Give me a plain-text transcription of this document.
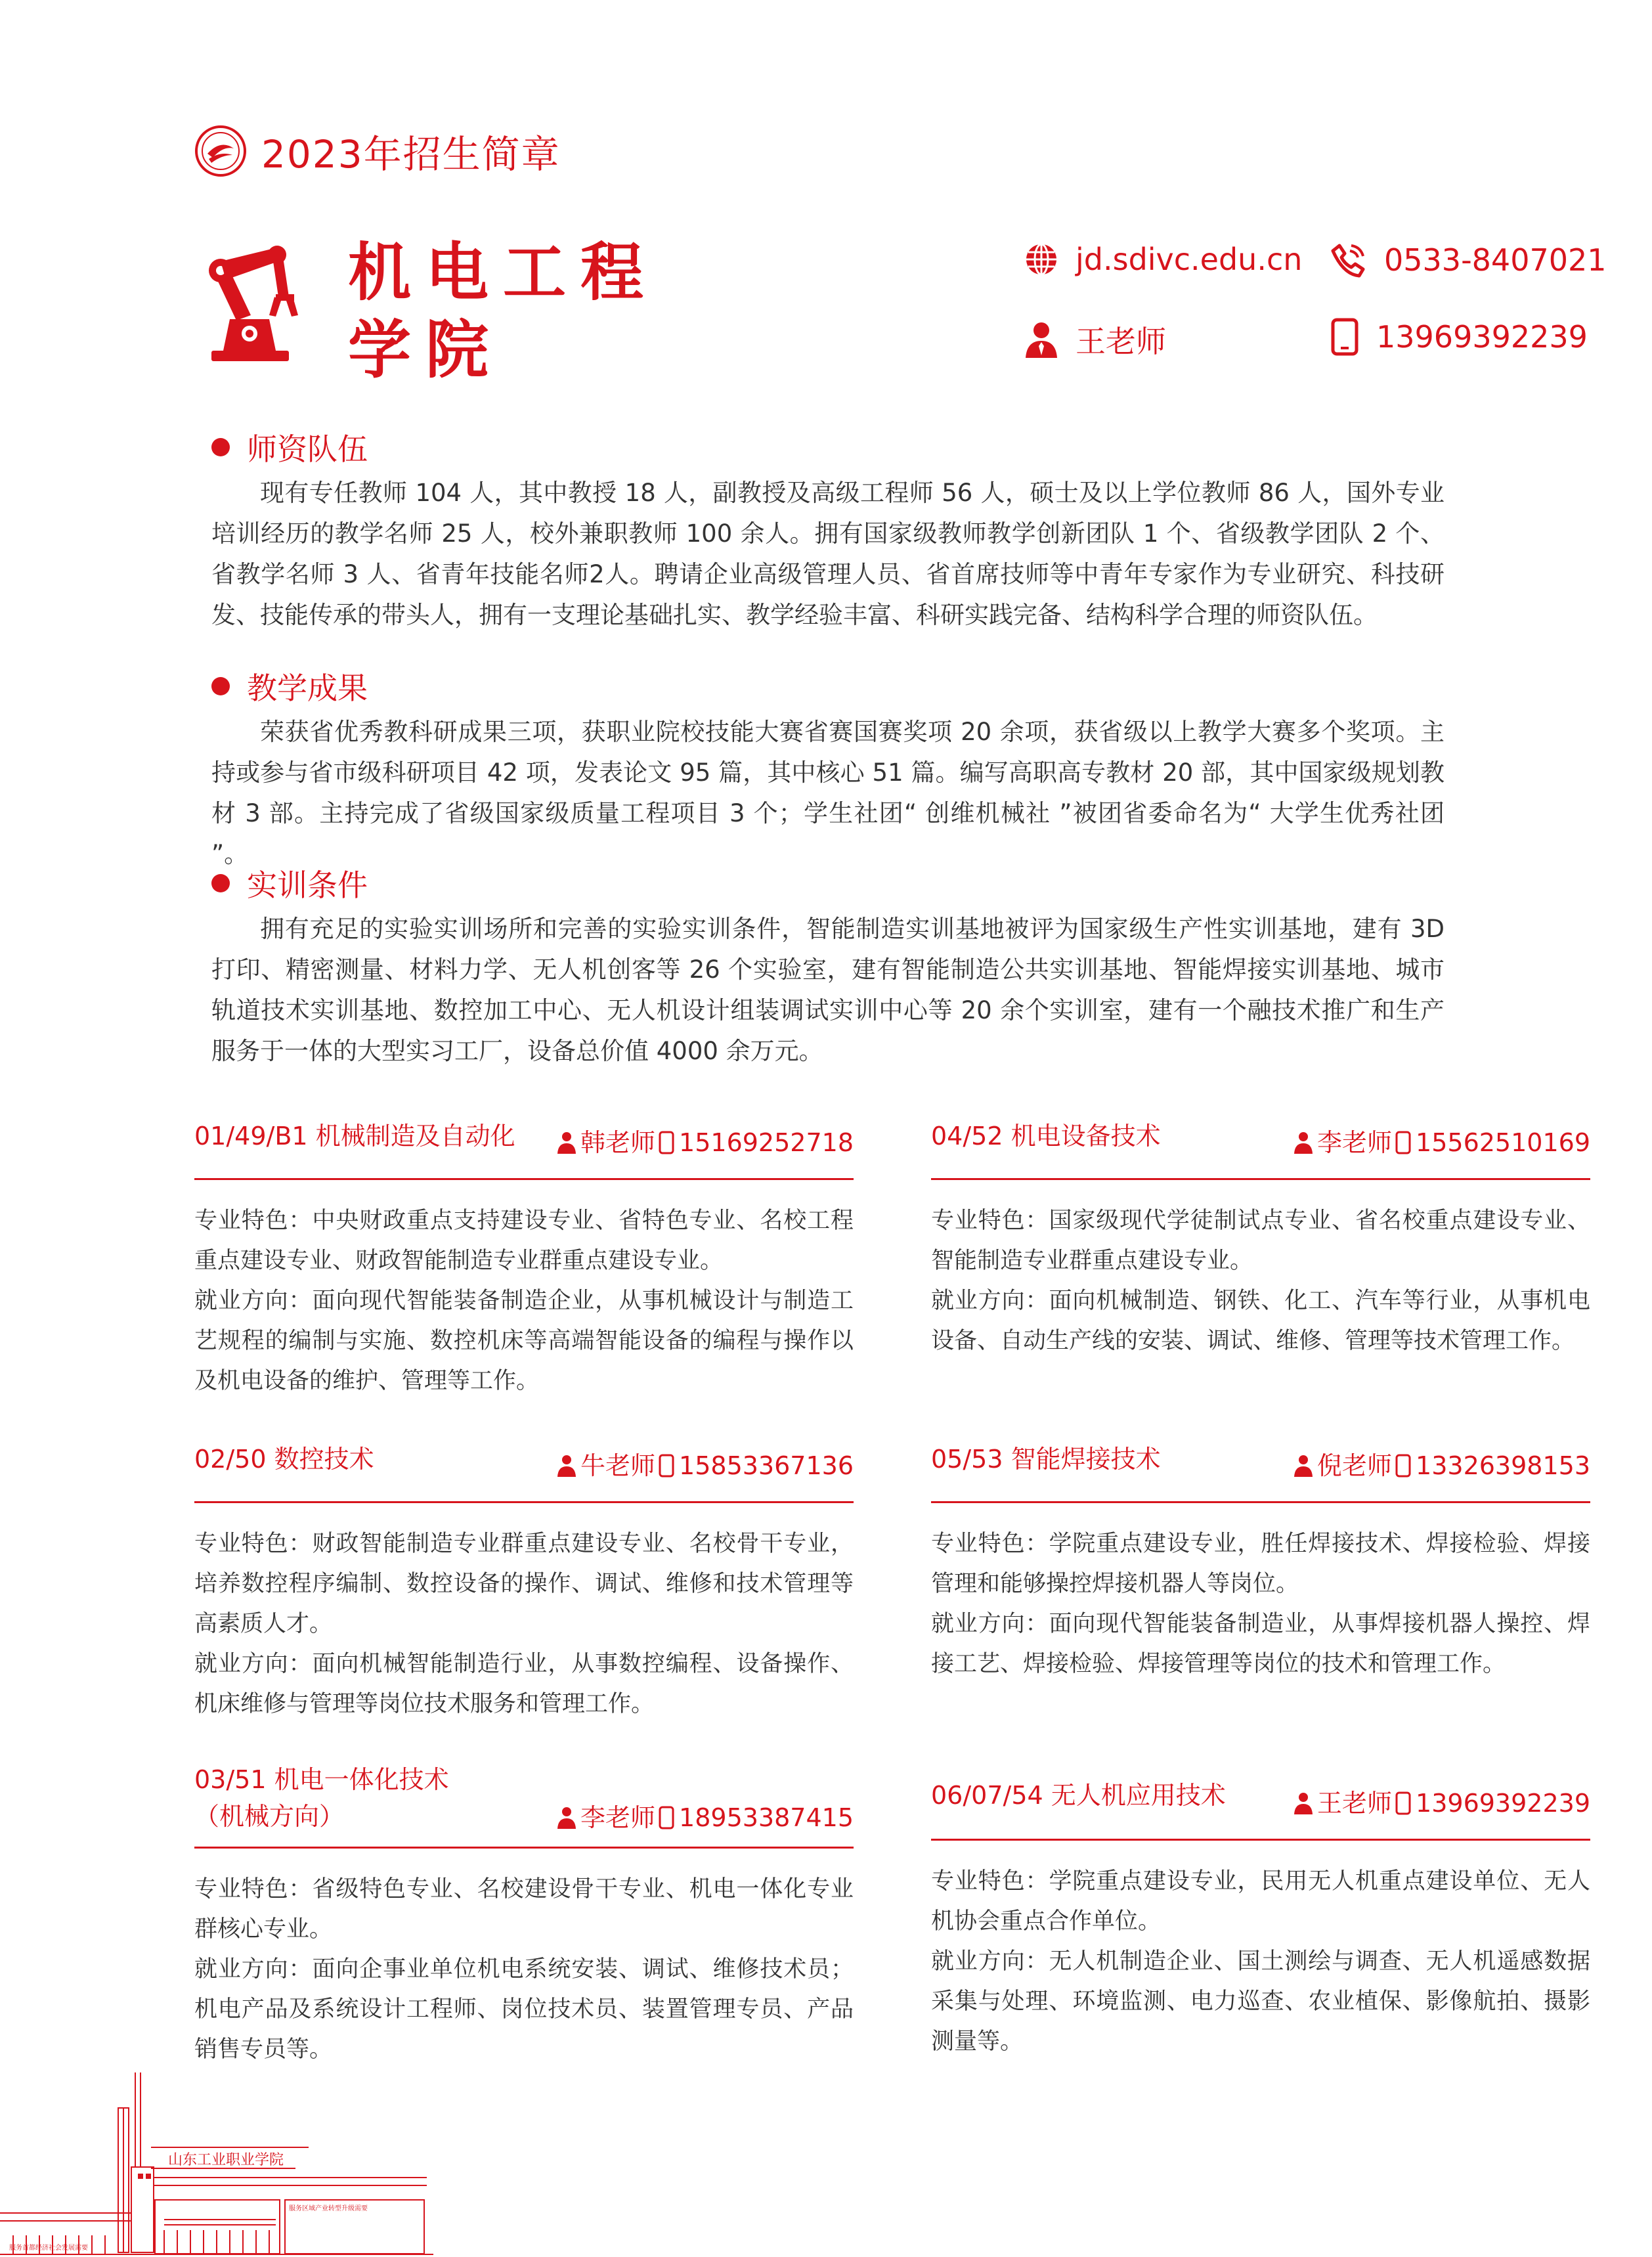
2023年招生简章
机电工程
学院
jd.sdivc.edu.cn	0533-8407021
王老师	13969392239
师资队伍
现有专任教师 104 人，其中教授 18 人，副教授及高级工程师 56 人，硕士及以上学位教师 86 人，国外专业培训经历的教学名师 25 人，校外兼职教师 100 余人。拥有国家级教师教学创新团队 1 个、省级教学团队 2 个、省教学名师 3 人、省青年技能名师2人。聘请企业高级管理人员、省首席技师等中青年专家作为专业研究、科技研发、技能传承的带头人，拥有一支理论基础扎实、教学经验丰富、科研实践完备、结构科学合理的师资队伍。
教学成果
荣获省优秀教科研成果三项，获职业院校技能大赛省赛国赛奖项 20 余项，获省级以上教学大赛多个奖项。主持或参与省市级科研项目 42 项，发表论文 95 篇，其中核心 51 篇。编写高职高专教材 20 部，其中国家级规划教材 3 部。主持完成了省级国家级质量工程项目 3 个；学生社团“ 创维机械社 ”被团省委命名为“ 大学生优秀社团 ”。
实训条件
拥有充足的实验实训场所和完善的实验实训条件，智能制造实训基地被评为国家级生产性实训基地，建有 3D 打印、精密测量、材料力学、无人机创客等 26 个实验室，建有智能制造公共实训基地、智能焊接实训基地、城市轨道技术实训基地、数控加工中心、无人机设计组装调试实训中心等 20 余个实训室，建有一个融技术推广和生产服务于一体的大型实习工厂，设备总价值 4000 余万元。
01/49/B1 机械制造及自动化	韩老师 15169252718
专业特色：中央财政重点支持建设专业、省特色专业、名校工程重点建设专业、财政智能制造专业群重点建设专业。
就业方向：面向现代智能装备制造企业，从事机械设计与制造工艺规程的编制与实施、数控机床等高端智能设备的编程与操作以及机电设备的维护、管理等工作。
02/50 数控技术	牛老师 15853367136
专业特色：财政智能制造专业群重点建设专业、名校骨干专业，培养数控程序编制、数控设备的操作、调试、维修和技术管理等高素质人才。
就业方向：面向机械智能制造行业，从事数控编程、设备操作、机床维修与管理等岗位技术服务和管理工作。
03/51 机电一体化技术
（机械方向）	李老师 18953387415
专业特色：省级特色专业、名校建设骨干专业、机电一体化专业群核心专业。
就业方向：面向企事业单位机电系统安装、调试、维修技术员；机电产品及系统设计工程师、岗位技术员、装置管理专员、产品销售专员等。
04/52 机电设备技术	李老师 15562510169
专业特色：国家级现代学徒制试点专业、省名校重点建设专业、智能制造专业群重点建设专业。
就业方向：面向机械制造、钢铁、化工、汽车等行业，从事机电设备、自动生产线的安装、调试、维修、管理等技术管理工作。
05/53 智能焊接技术	倪老师 13326398153
专业特色：学院重点建设专业，胜任焊接技术、焊接检验、焊接管理和能够操控焊接机器人等岗位。
就业方向：面向现代智能装备制造业，从事焊接机器人操控、焊接工艺、焊接检验、焊接管理等岗位的技术和管理工作。
06/07/54 无人机应用技术	王老师 13969392239
专业特色：学院重点建设专业，民用无人机重点建设单位、无人机协会重点合作单位。
就业方向：无人机制造企业、国土测绘与调查、无人机遥感数据采集与处理、环境监测、电力巡查、农业植保、影像航拍、摄影测量等。
山东工业职业学院
服务首都经济社会发展需要
服务区域产业转型升级需要
